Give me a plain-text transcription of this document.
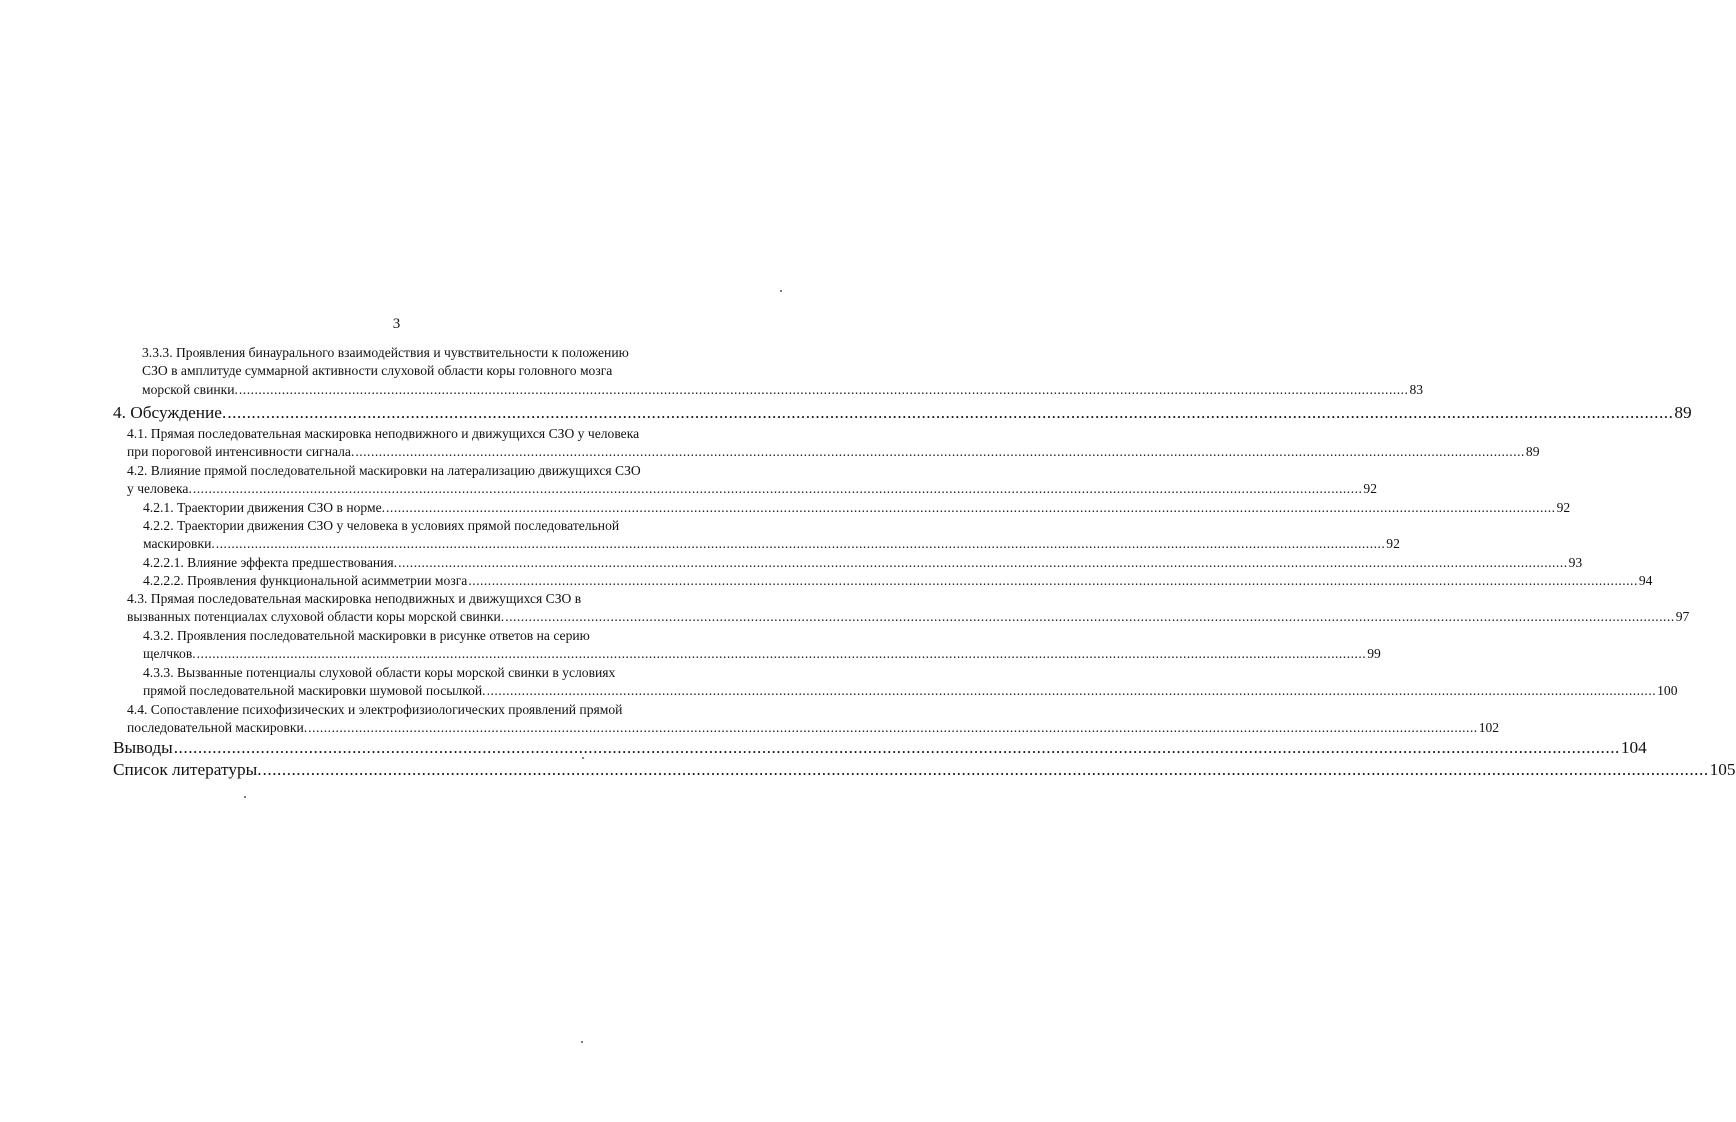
3
3.3.3. Проявления бинаурального взаимодействия и чувствительности к положению
СЗО в амплитуде суммарной активности слуховой области коры головного мозга
морской свинки. ............................................................................................................................................................................................................................................................................................................ 83
4. Обсуждение. ............................................................................................................................................................................................................................................................................................................ 89
4.1. Прямая последовательная маскировка неподвижного и движущихся СЗО у человека
при пороговой интенсивности сигнала. ............................................................................................................................................................................................................................................................................................................ 89
4.2. Влияние прямой последовательной маскировки на латерализацию движущихся СЗО
у человека. ............................................................................................................................................................................................................................................................................................................ 92
4.2.1. Траектории движения СЗО в норме. ............................................................................................................................................................................................................................................................................................................ 92
4.2.2. Траектории движения СЗО у человека в условиях прямой последовательной
маскировки. ............................................................................................................................................................................................................................................................................................................ 92
4.2.2.1. Влияние эффекта предшествования. ............................................................................................................................................................................................................................................................................................................ 93
4.2.2.2. Проявления функциональной асимметрии мозга ............................................................................................................................................................................................................................................................................................................ 94
4.3. Прямая последовательная маскировка неподвижных и движущихся СЗО в
вызванных потенциалах слуховой области коры морской свинки. ............................................................................................................................................................................................................................................................................................................ 97
4.3.2. Проявления последовательной маскировки в рисунке ответов на серию
щелчков. ............................................................................................................................................................................................................................................................................................................ 99
4.3.3. Вызванные потенциалы слуховой области коры морской свинки в условиях
прямой последовательной маскировки шумовой посылкой. ............................................................................................................................................................................................................................................................................................................ 100
4.4. Сопоставление психофизических и электрофизиологических проявлений прямой
последовательной маскировки. ............................................................................................................................................................................................................................................................................................................ 102
Выводы ............................................................................................................................................................................................................................................................................................................ 104
Список литературы. ............................................................................................................................................................................................................................................................................................................ 105
